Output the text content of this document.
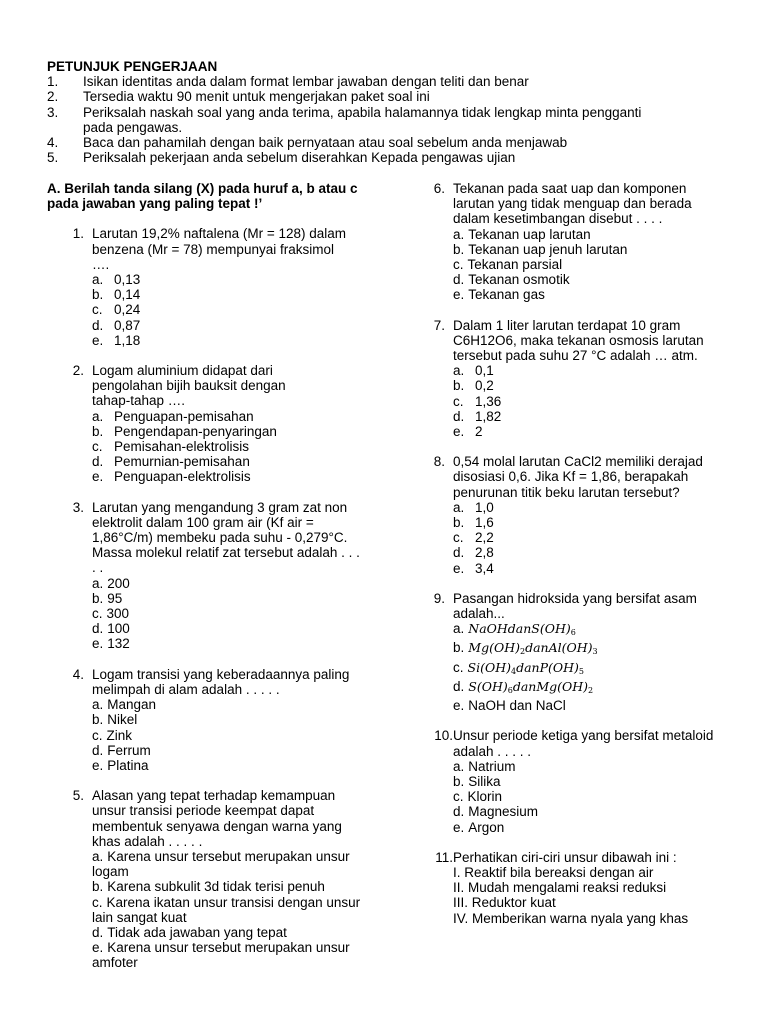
PETUNJUK PENGERJAAN
1.	Isikan identitas anda dalam format lembar jawaban dengan teliti dan benar
2.	Tersedia waktu 90 menit untuk mengerjakan paket soal ini
3.	Periksalah naskah soal yang anda terima, apabila halamannya tidak lengkap minta pengganti pada pengawas.
4.	Baca dan pahamilah dengan baik pernyataan atau soal sebelum anda menjawab
5.	Periksalah pekerjaan anda sebelum diserahkan Kepada pengawas ujian
A. Berilah tanda silang (X) pada huruf a, b atau c pada jawaban yang paling tepat !’
1. Larutan 19,2% naftalena (Mr = 128) dalam benzena (Mr = 78) mempunyai fraksimol ….
a. 0,13
b. 0,14
c. 0,24
d. 0,87
e. 1,18
2. Logam aluminium didapat dari pengolahan bijih bauksit dengan tahap-tahap ….
a. Penguapan-pemisahan
b. Pengendapan-penyaringan
c. Pemisahan-elektrolisis
d. Pemurnian-pemisahan
e. Penguapan-elektrolisis
3. Larutan yang mengandung 3 gram zat non elektrolit dalam 100 gram air (Kf air = 1,86°C/m) membeku pada suhu - 0,279°C. Massa molekul relatif zat tersebut adalah . . . . .
a. 200
b. 95
c. 300
d. 100
e. 132
4. Logam transisi yang keberadaannya paling melimpah di alam adalah . . . . .
a. Mangan
b. Nikel
c. Zink
d. Ferrum
e. Platina
5. Alasan yang tepat terhadap kemampuan unsur transisi periode keempat dapat membentuk senyawa dengan warna yang khas adalah . . . . .
a. Karena unsur tersebut merupakan unsur logam
b. Karena subkulit 3d tidak terisi penuh
c. Karena ikatan unsur transisi dengan unsur lain sangat kuat
d. Tidak ada jawaban yang tepat
e. Karena unsur tersebut merupakan unsur amfoter
6. Tekanan pada saat uap dan komponen larutan yang tidak menguap dan berada dalam kesetimbangan disebut . . . .
a. Tekanan uap larutan
b. Tekanan uap jenuh larutan
c. Tekanan parsial
d. Tekanan osmotik
e. Tekanan gas
7. Dalam 1 liter larutan terdapat 10 gram C6H12O6, maka tekanan osmosis larutan tersebut pada suhu 27 °C adalah … atm.
a. 0,1
b. 0,2
c. 1,36
d. 1,82
e. 2
8. 0,54 molal larutan CaCl2 memiliki derajad disosiasi 0,6. Jika Kf = 1,86, berapakah penurunan titik beku larutan tersebut?
a. 1,0
b. 1,6
c. 2,2
d. 2,8
e. 3,4
9. Pasangan hidroksida yang bersifat asam adalah...
a. $NaOHdanS(OH)_6$
b. $Mg(OH)_2danAl(OH)_3$
c. $Si(OH)_4danP(OH)_5$
d. $S(OH)_6danMg(OH)_2$
e. NaOH dan NaCl
10. Unsur periode ketiga yang bersifat metaloid adalah . . . . .
a. Natrium
b. Silika
c. Klorin
d. Magnesium
e. Argon
11. Perhatikan ciri-ciri unsur dibawah ini :
I. Reaktif bila bereaksi dengan air
II. Mudah mengalami reaksi reduksi
III. Reduktor kuat
IV. Memberikan warna nyala yang khas
